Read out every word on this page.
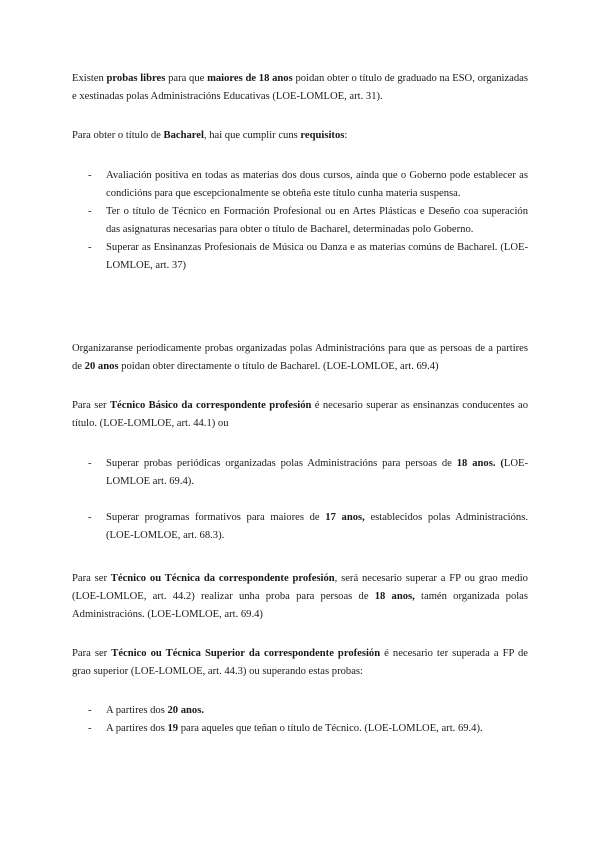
Existen probas libres para que maiores de 18 anos poidan obter o título de graduado na ESO, organizadas e xestinadas polas Administracións Educativas (LOE-LOMLOE, art. 31).

Para obter o título de Bacharel, hai que cumplir cuns requisitos:

- Avaliación positiva en todas as materias dos dous cursos, aínda que o Goberno pode establecer as condicións para que escepcionalmente se obteña este título cunha materia suspensa.
- Ter o título de Técnico en Formación Profesional ou en Artes Plásticas e Deseño coa superación das asignaturas necesarias para obter o título de Bacharel, determinadas polo Goberno.
- Superar as Ensinanzas Profesionais de Música ou Danza e as materias comúns de Bacharel. (LOE-LOMLOE, art. 37)

Organizaranse periodicamente probas organizadas polas Administracións para que as persoas de a partires de 20 anos poidan obter directamente o título de Bacharel. (LOE-LOMLOE, art. 69.4)

Para ser Técnico Básico da correspondente profesión é necesario superar as ensinanzas conducentes ao título. (LOE-LOMLOE, art. 44.1) ou

- Superar probas periódicas organizadas polas Administracións para persoas de 18 anos. (LOE-LOMLOE art. 69.4).
- Superar programas formativos para maiores de 17 anos, establecidos polas Administracións. (LOE-LOMLOE, art. 68.3).

Para ser Técnico ou Técnica da correspondente profesión, será necesario superar a FP ou grao medio (LOE-LOMLOE, art. 44.2) realizar unha proba para persoas de 18 anos, tamén organizada polas Administracións. (LOE-LOMLOE, art. 69.4)

Para ser Técnico ou Técnica Superior da correspondente profesión é necesario ter superada a FP de grao superior (LOE-LOMLOE, art. 44.3) ou superando estas probas:

- A partires dos 20 anos.
- A partires dos 19 para aqueles que teñan o título de Técnico. (LOE-LOMLOE, art. 69.4).
